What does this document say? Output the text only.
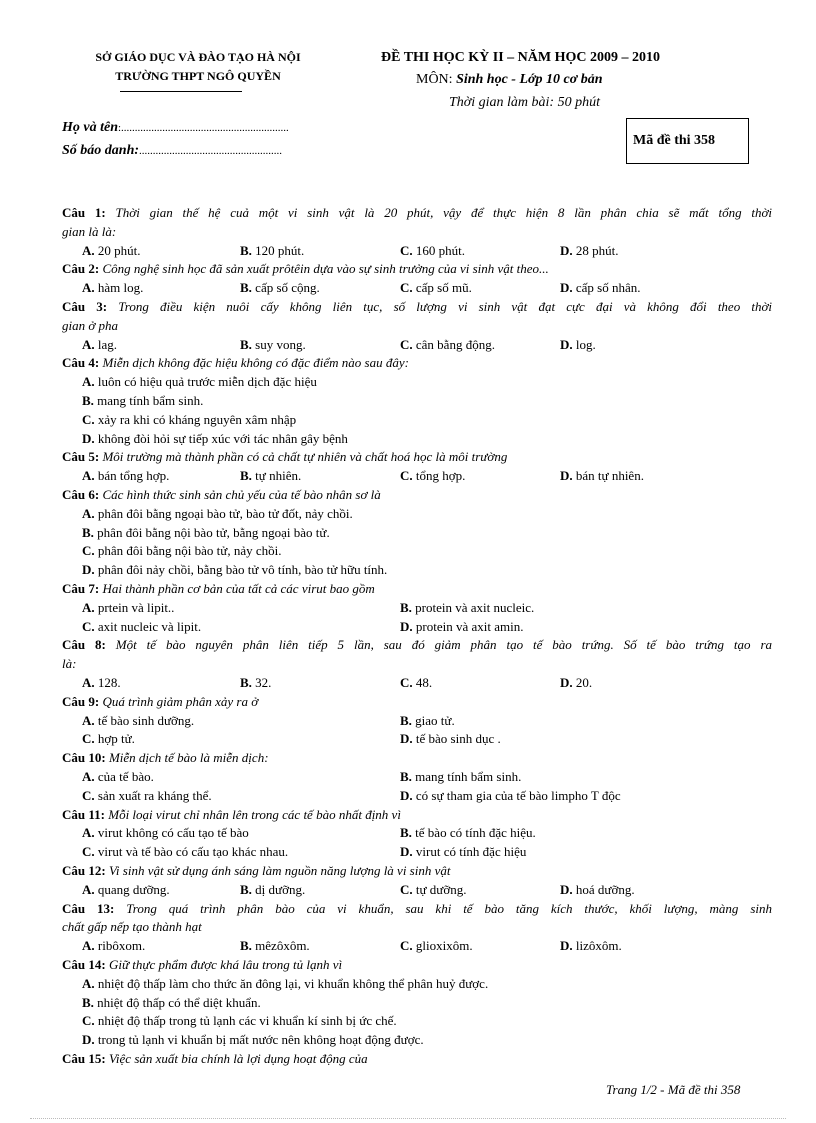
SỞ GIÁO DỤC VÀ ĐÀO TẠO HÀ NỘI
TRƯỜNG THPT NGÔ QUYỀN
ĐỀ THI HỌC KỲ II – NĂM HỌC 2009 – 2010
MÔN: Sinh học - Lớp 10 cơ bản
Thời gian làm bài: 50 phút
Họ và tên:.............................................................
Số báo danh:....................................................
Mã đề thi 358
Câu 1: Thời gian thế hệ cuả một vi sinh vật là 20 phút, vậy để thực hiện 8 lần phân chia sẽ mất tổng thời
gian là là:
A. 20 phút.	B. 120 phút.	C. 160 phút.	D. 28 phút.
Câu 2: Công nghệ sinh học đã sản xuất prôtêin dựa vào sự sinh trưởng của vi sinh vật theo...
A. hàm log.	B. cấp số cộng.	C. cấp số mũ.	D. cấp số nhân.
Câu 3: Trong điều kiện nuôi cấy không liên tục, số lượng vi sinh vật đạt cực đại và không đổi theo thời
gian ở pha
A. lag.	B. suy vong.	C. cân bằng động.	D. log.
Câu 4: Miễn dịch không đặc hiệu không có đặc điểm nào sau đây:
A. luôn có hiệu quả trước miễn dịch đặc hiệu
B. mang tính bẩm sinh.
C. xảy ra khi có kháng nguyên xâm nhập
D. không đòi hỏi sự tiếp xúc với tác nhân gây bệnh
Câu 5: Môi trường mà thành phần có cả chất tự nhiên và chất hoá học là môi trường
A. bán tổng hợp.	B. tự nhiên.	C. tổng hợp.	D. bán tự nhiên.
Câu 6: Các hình thức sinh sản chủ yếu của tế bào nhân sơ là
A. phân đôi bằng ngoại bào tử, bào tử đốt, nảy chồi.
B. phân đôi bằng nội bào tử, bằng ngoại bào tử.
C. phân đôi bằng nội bào tử, nảy chồi.
D. phân đôi nảy chồi, bằng bào tử vô tính, bào tử hữu tính.
Câu 7: Hai thành phần cơ bản của tất cả các virut bao gồm
A. prtein và lipit..	B. protein và axit nucleic.
C. axit nucleic và lipit.	D. protein và axit amin.
Câu 8: Một tế bào nguyên phân liên tiếp 5 lần, sau đó giảm phân tạo tế bào trứng. Số tế bào trứng tạo ra
là:
A. 128.	B. 32.	C. 48.	D. 20.
Câu 9: Quá trình giảm phân xảy ra ở
A. tế bào sinh dưỡng.	B. giao tử.
C. hợp tử.	D. tế bào sinh dục .
Câu 10: Miễn dịch tế bào là miễn dịch:
A. của tế bào.	B. mang tính bẩm sinh.
C. sản xuất ra kháng thể.	D. có sự tham gia của tế bào limpho T độc
Câu 11: Mỗi loại virut chỉ nhân lên trong các tế bào nhất định vì
A. virut không có cấu tạo tế bào	B. tế bào có tính đặc hiệu.
C. virut và tế bào có cấu tạo khác nhau.	D. virut có tính đặc hiệu
Câu 12: Vi sinh vật sử dụng ánh sáng làm nguồn năng lượng là vi sinh vật
A. quang dưỡng.	B. dị dưỡng.	C. tự dưỡng.	D. hoá dưỡng.
Câu 13: Trong quá trình phân bào của vi khuẩn, sau khi tế bào tăng kích thước, khối lượng, màng sinh
chất gấp nếp tạo thành hạt
A. ribôxom.	B. mêzôxôm.	C. glioxixôm.	D. lizôxôm.
Câu 14: Giữ thực phẩm được khá lâu trong tủ lạnh vì
A. nhiệt độ thấp làm cho thức ăn đông lại, vi khuẩn không thể phân huỷ được.
B. nhiệt độ thấp có thể diệt khuẩn.
C. nhiệt độ thấp trong tủ lạnh các vi khuẩn kí sinh bị ức chế.
D. trong tủ lạnh vi khuẩn bị mất nước nên không hoạt động được.
Câu 15: Việc sản xuất bia chính là lợi dụng hoạt động của
Trang 1/2 - Mã đề thi 358
